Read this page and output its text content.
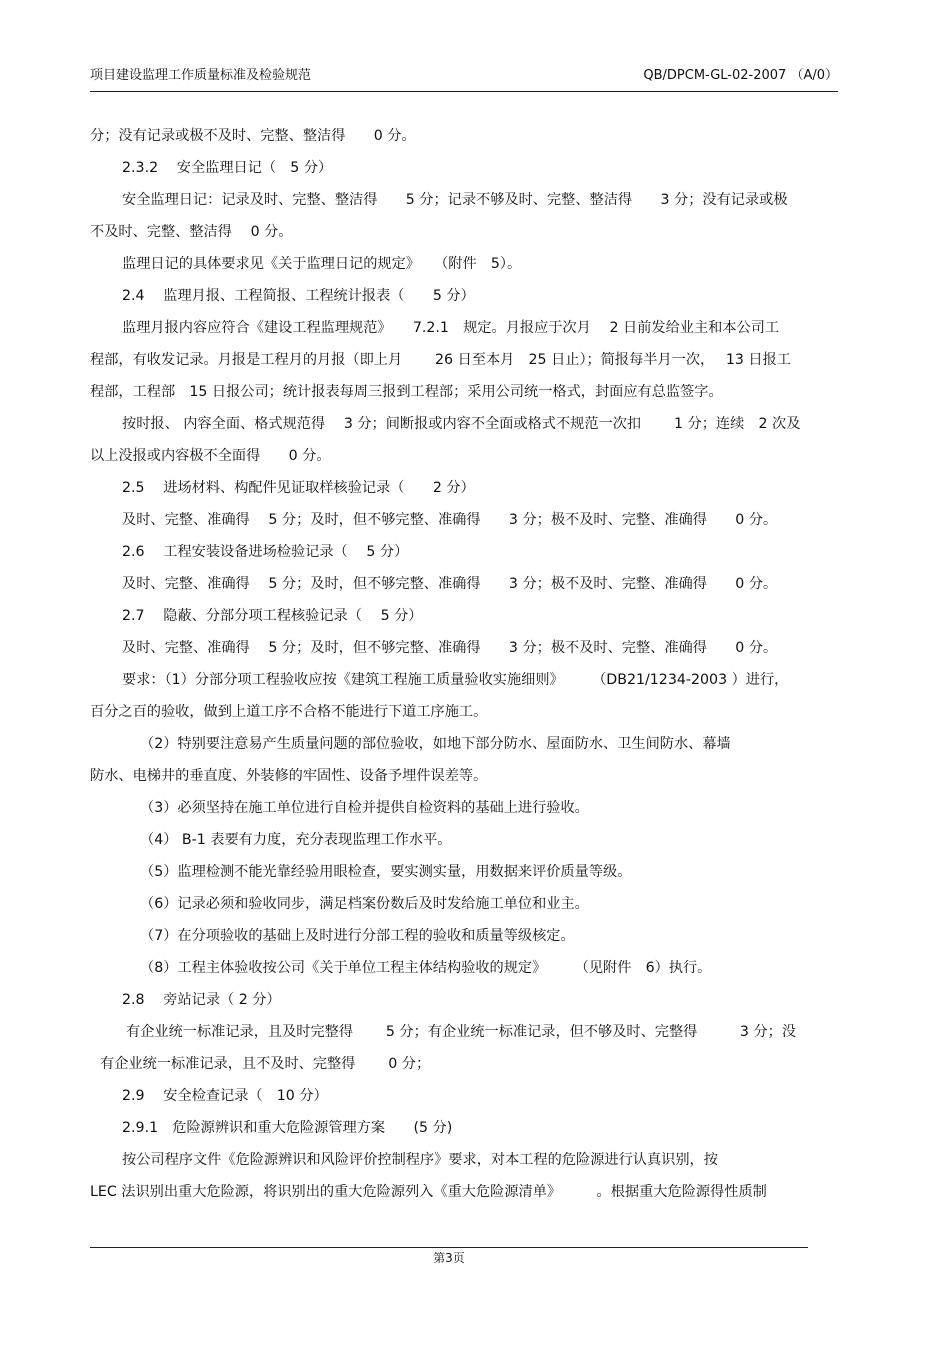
项目建设监理工作质量标准及检验规范	QB/DPCM-GL-02-2007 （A/0）
分；没有记录或极不及时、完整、整洁得　　0 分。
2.3.2　 安全监理日记（　5 分）
安全监理日记：记录及时、完整、整洁得　　5 分；记录不够及时、完整、整洁得　　3 分；没有记录或极
不及时、完整、整洁得　 0 分。
监理日记的具体要求见《关于监理日记的规定》　　（附件　5）。
2.4　 监理月报、工程简报、工程统计报表（　　5 分）
监理月报内容应符合《建设工程监理规范》　　7.2.1　规定。月报应于次月　 2 日前发给业主和本公司工
程部，有收发记录。月报是工程月的月报（即上月　　 26 日至本月　25 日止）；简报每半月一次，　 13 日报工
程部，工程部　15 日报公司；统计报表每周三报到工程部；采用公司统一格式，封面应有总监签字。
按时报、 内容全面、格式规范得　 3 分；间断报或内容不全面或格式不规范一次扣　　 1 分；连续　2 次及
以上没报或内容极不全面得　　0 分。
2.5　 进场材料、构配件见证取样核验记录（　　2 分）
及时、完整、准确得　 5 分；及时，但不够完整、准确得　　3 分；极不及时、完整、准确得　　0 分。
2.6　 工程安装设备进场检验记录（　 5 分）
及时、完整、准确得　 5 分；及时，但不够完整、准确得　　3 分；极不及时、完整、准确得　　0 分。
2.7　 隐蔽、分部分项工程核验记录（　 5 分）
及时、完整、准确得　 5 分；及时，但不够完整、准确得　　3 分；极不及时、完整、准确得　　0 分。
要求：（1）分部分项工程验收应按《建筑工程施工质量验收实施细则》　　　（DB21/1234-2003 ）进行，
百分之百的验收，做到上道工序不合格不能进行下道工序施工。
（2）特别要注意易产生质量问题的部位验收，如地下部分防水、屋面防水、卫生间防水、幕墙
防水、电梯井的垂直度、外装修的牢固性、设备予埋件误差等。
（3）必须坚持在施工单位进行自检并提供自检资料的基础上进行验收。
（4） B-1 表要有力度，充分表现监理工作水平。
（5）监理检测不能光靠经验用眼检查，要实测实量，用数据来评价质量等级。
（6）记录必须和验收同步，满足档案份数后及时发给施工单位和业主。
（7）在分项验收的基础上及时进行分部工程的验收和质量等级核定。
（8）工程主体验收按公司《关于单位工程主体结构验收的规定》　　　（见附件　6）执行。
2.8　 旁站记录（ 2 分）
有企业统一标准记录，且及时完整得　　 5 分；有企业统一标准记录，但不够及时、完整得　　　3 分；没
有企业统一标准记录，且不及时、完整得　　 0 分；
2.9　 安全检查记录（　10 分）
2.9.1　危险源辨识和重大危险源管理方案　　(5 分)
按公司程序文件《危险源辨识和风险评价控制程序》要求，对本工程的危险源进行认真识别，按
LEC 法识别出重大危险源，将识别出的重大危险源列入《重大危险源清单》　　　。根据重大危险源得性质制
第3页
